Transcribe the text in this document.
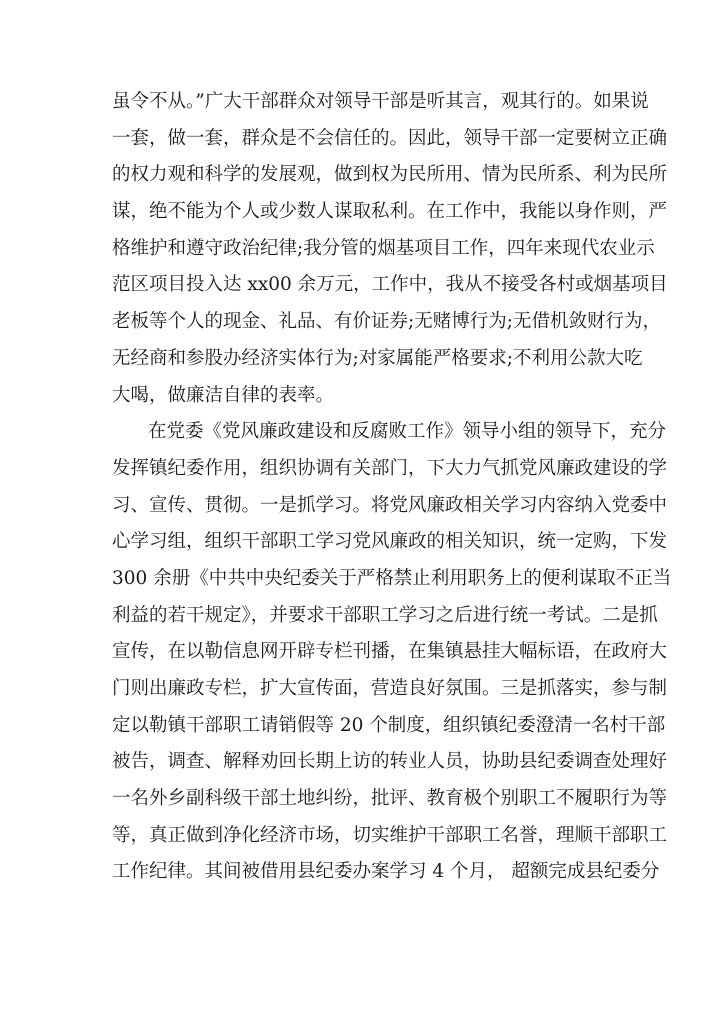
虽令不从。”广大干部群众对领导干部是听其言，观其行的。如果说
一套，做一套，群众是不会信任的。因此，领导干部一定要树立正确
的权力观和科学的发展观，做到权为民所用、情为民所系、利为民所
谋，绝不能为个人或少数人谋取私利。在工作中，我能以身作则，严
格维护和遵守政治纪律;我分管的烟基项目工作，四年来现代农业示
范区项目投入达 xx00 余万元，工作中，我从不接受各村或烟基项目
老板等个人的现金、礼品、有价证券;无赌博行为;无借机敛财行为，
无经商和参股办经济实体行为;对家属能严格要求;不利用公款大吃
大喝，做廉洁自律的表率。
在党委《党风廉政建设和反腐败工作》领导小组的领导下，充分
发挥镇纪委作用，组织协调有关部门，下大力气抓党风廉政建设的学
习、宣传、贯彻。一是抓学习。将党风廉政相关学习内容纳入党委中
心学习组，组织干部职工学习党风廉政的相关知识，统一定购，下发
300 余册《中共中央纪委关于严格禁止利用职务上的便利谋取不正当
利益的若干规定》，并要求干部职工学习之后进行统一考试。二是抓
宣传，在以勒信息网开辟专栏刊播，在集镇悬挂大幅标语，在政府大
门则出廉政专栏，扩大宣传面，营造良好氛围。三是抓落实，参与制
定以勒镇干部职工请销假等 20 个制度，组织镇纪委澄清一名村干部
被告，调查、解释劝回长期上访的转业人员，协助县纪委调查处理好
一名外乡副科级干部土地纠纷，批评、教育极个别职工不履职行为等
等，真正做到净化经济市场，切实维护干部职工名誉，理顺干部职工
工作纪律。其间被借用县纪委办案学习 4 个月， 超额完成县纪委分
